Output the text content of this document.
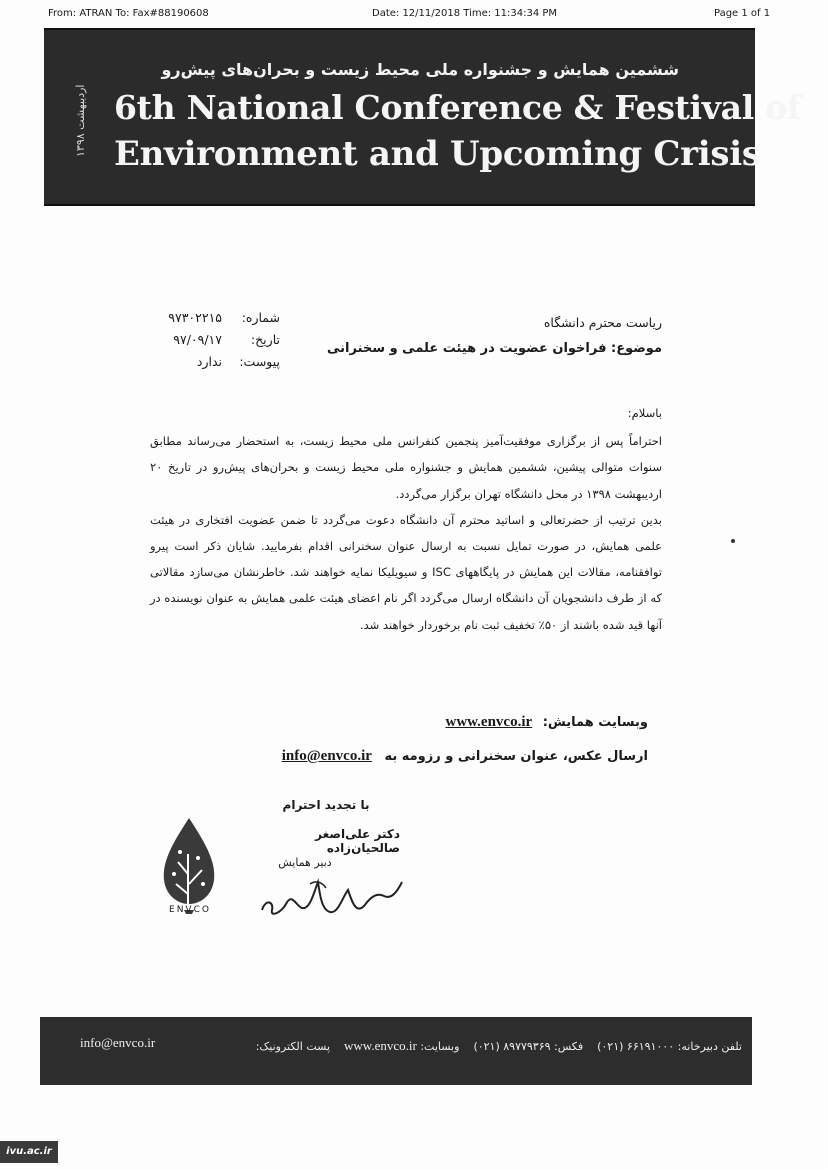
From: ATRAN To: Fax#88190608	Date: 12/11/2018 Time: 11:34:34 PM	Page 1 of 1
ششمین همایش و جشنواره ملی محیط زیست و بحران‌های پیش‌رو
6th National Conference & Festival of
Environment and Upcoming Crisis
اردیبهشت ۱۳۹۸
شماره:
۹۷۳۰۲۲۱۵
تاریخ:
۹۷/۰۹/۱۷
پیوست:
ندارد
ریاست محترم دانشگاه
موضوع: فراخوان عضویت در هیئت علمی و سخنرانی

باسلام:

احتراماً پس از برگزاری موفقیت‌آمیز پنجمین کنفرانس ملی محیط زیست، به استحضار می‌رساند مطابق سنوات متوالی پیشین، ششمین همایش و جشنواره ملی محیط زیست و بحران‌های پیش‌رو در تاریخ ۲۰ اردیبهشت ۱۳۹۸ در محل دانشگاه تهران برگزار می‌گردد.

بدین ترتیب از حضرتعالی و اساتید محترم آن دانشگاه دعوت می‌گردد تا ضمن عضویت افتخاری در هیئت علمی همایش، در صورت تمایل نسبت به ارسال عنوان سخنرانی اقدام بفرمایید. شایان ذکر است پیرو توافقنامه، مقالات این همایش در پایگاههای ISC و سیویلیکا نمایه خواهند شد. خاطرنشان می‌سازد مقالاتی که از طرف دانشجویان آن دانشگاه ارسال می‌گردد اگر نام اعضای هیئت علمی همایش به عنوان نویسنده در آنها قید شده باشند از ۵۰٪ تخفیف ثبت نام برخوردار خواهند شد.

وبسایت همایش: www.envco.ir
ارسال عکس، عنوان سخنرانی و رزومه به info@envco.ir
با تجدید احترام
دکتر علی‌اصغر صالحیان‌زاده
دبیر همایش
ENVCO
info@envco.ir	تلفن دبیرخانه: ۶۶۱۹۱۰۰۰ (۰۲۱)    فکس: ۸۹۷۷۹۳۶۹ (۰۲۱)    وبسایت: www.envco.ir    پست الکترونیک:
ivu.ac.ir
